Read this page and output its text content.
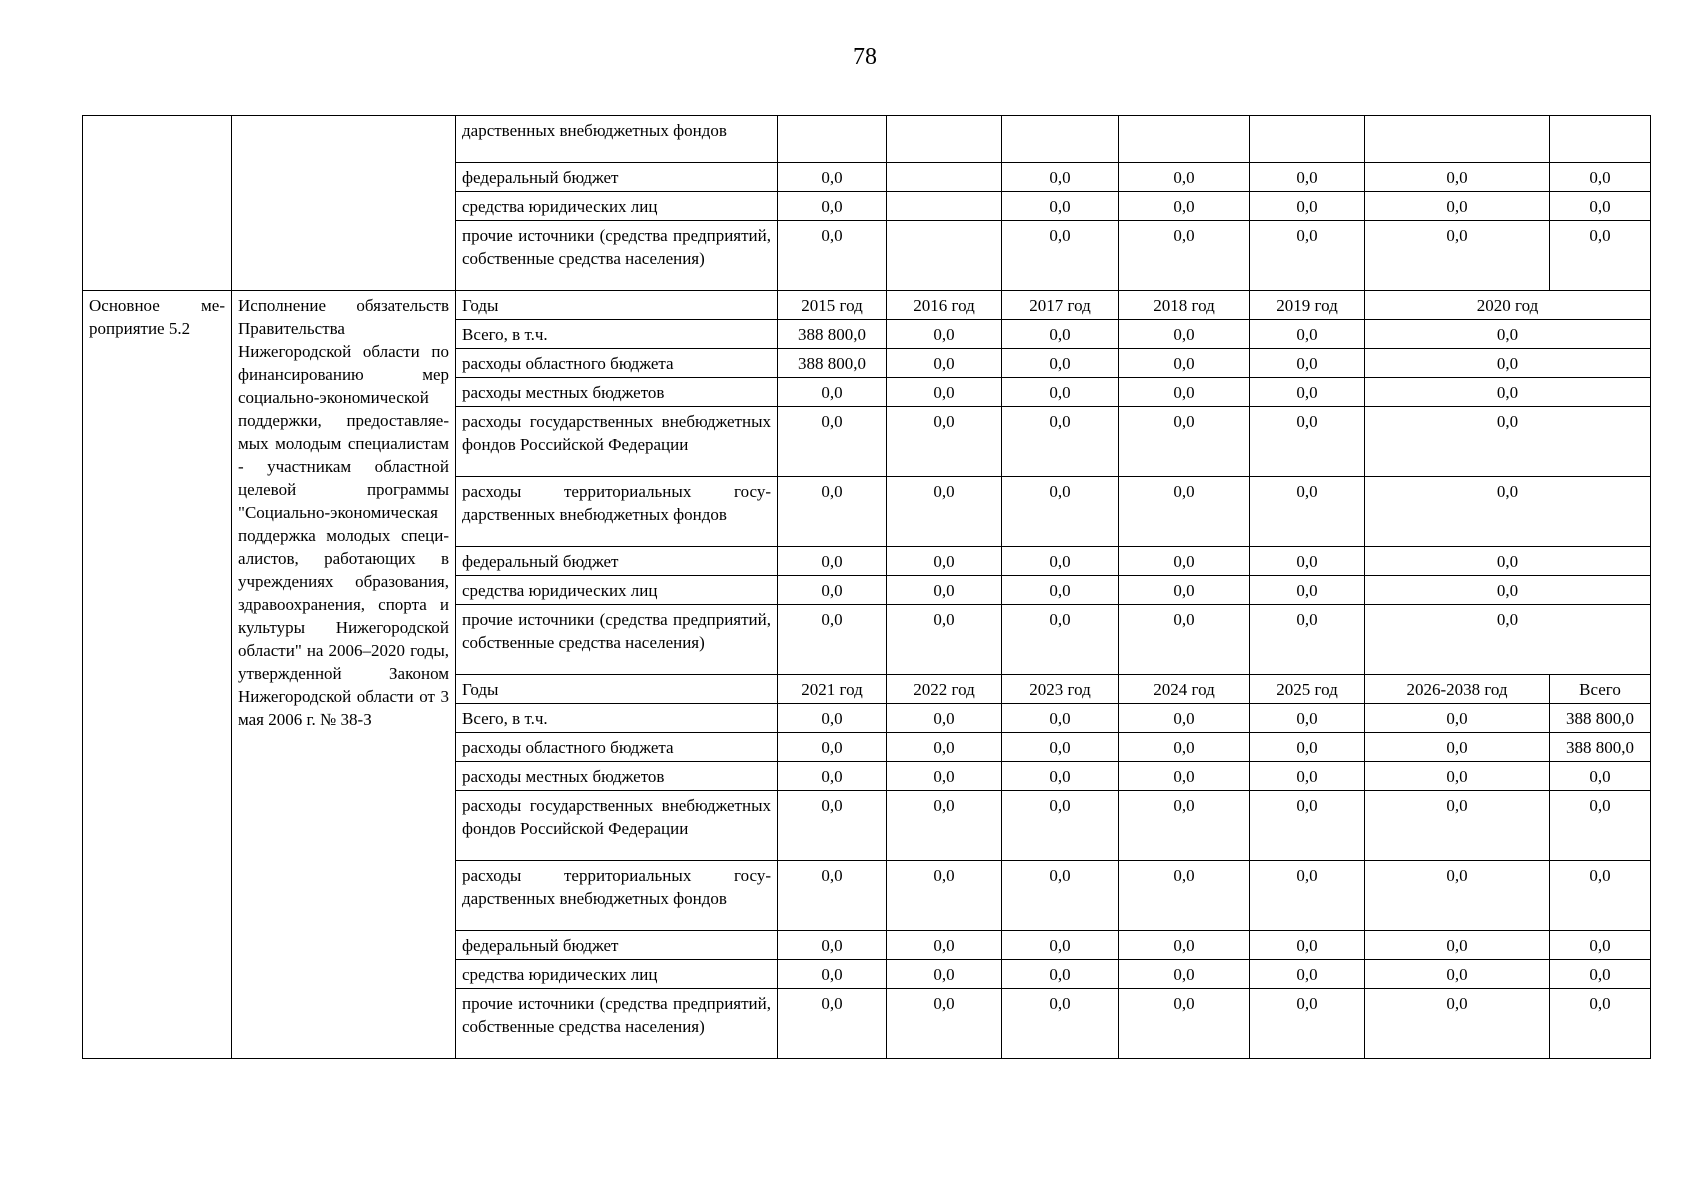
78
		дарственных внебюджетных фондов							
		федеральный бюджет	0,0		0,0	0,0	0,0	0,0	0,0
		средства юридических лиц	0,0		0,0	0,0	0,0	0,0	0,0
		прочие источники (средства предприятий, собственные средства населения)	0,0		0,0	0,0	0,0	0,0	0,0
Основное мероприятие 5.2	Исполнение обязательств Правительства Нижегородской области по финансированию мер социально-экономической поддержки, предоставляемых молодым специалистам - участникам областной целевой программы "Социально-экономическая поддержка молодых специалистов, работающих в учреждениях образования, здравоохранения, спорта и культуры Нижегородской области" на 2006–2020 годы, утвержденной Законом Нижегородской области от 3 мая 2006 г. № 38-З	Годы	2015 год	2016 год	2017 год	2018 год	2019 год	2020 год	
		Всего, в т.ч.	388 800,0	0,0	0,0	0,0	0,0	0,0	
		расходы областного бюджета	388 800,0	0,0	0,0	0,0	0,0	0,0	
		расходы местных бюджетов	0,0	0,0	0,0	0,0	0,0	0,0	
		расходы государственных внебюджетных фондов Российской Федерации	0,0	0,0	0,0	0,0	0,0	0,0	
		расходы территориальных государственных внебюджетных фондов	0,0	0,0	0,0	0,0	0,0	0,0	
		федеральный бюджет	0,0	0,0	0,0	0,0	0,0	0,0	
		средства юридических лиц	0,0	0,0	0,0	0,0	0,0	0,0	
		прочие источники (средства предприятий, собственные средства населения)	0,0	0,0	0,0	0,0	0,0	0,0	
		Годы	2021 год	2022 год	2023 год	2024 год	2025 год	2026-2038 год	Всего
		Всего, в т.ч.	0,0	0,0	0,0	0,0	0,0	0,0	388 800,0
		расходы областного бюджета	0,0	0,0	0,0	0,0	0,0	0,0	388 800,0
		расходы местных бюджетов	0,0	0,0	0,0	0,0	0,0	0,0	0,0
		расходы государственных внебюджетных фондов Российской Федерации	0,0	0,0	0,0	0,0	0,0	0,0	0,0
		расходы территориальных государственных внебюджетных фондов	0,0	0,0	0,0	0,0	0,0	0,0	0,0
		федеральный бюджет	0,0	0,0	0,0	0,0	0,0	0,0	0,0
		средства юридических лиц	0,0	0,0	0,0	0,0	0,0	0,0	0,0
		прочие источники (средства предприятий, собственные средства населения)	0,0	0,0	0,0	0,0	0,0	0,0	0,0
